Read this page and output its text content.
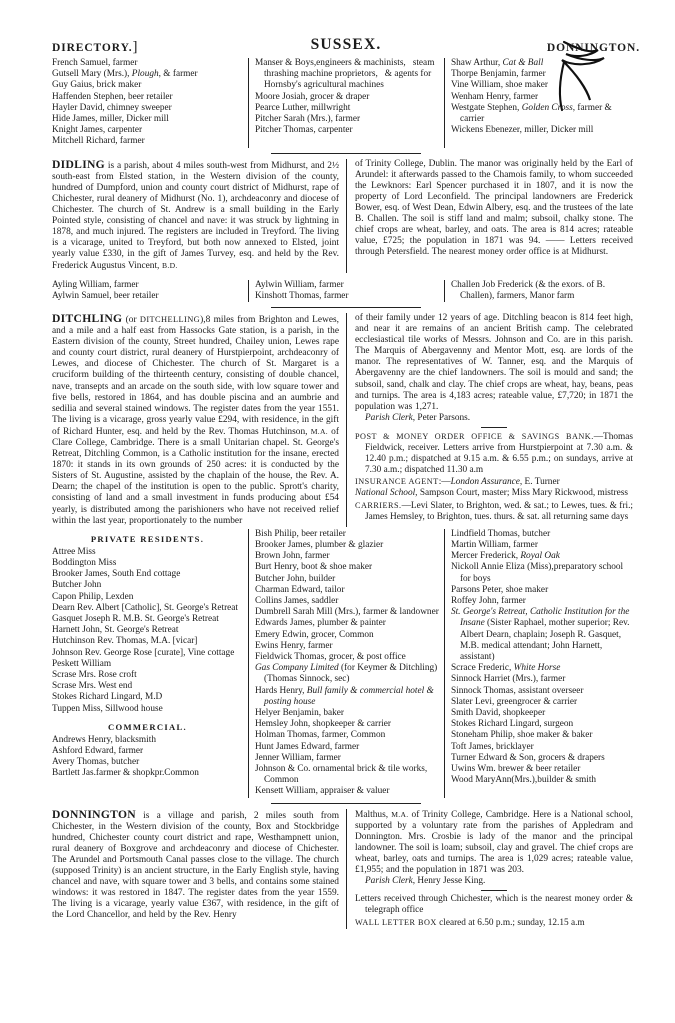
DIRECTORY.]	SUSSEX.	DONNINGTON.

French Samuel, farmer

Gutsell Mary (Mrs.), Plough, & farmer

Guy Gaius, brick maker

Haffenden Stephen, beer retailer

Hayler David, chimney sweeper

Hide James, miller, Dicker mill

Knight James, carpenter

Mitchell Richard, farmer

Manser & Boys,engineers & machinists,   steam thrashing machine proprietors,   & agents for Hornsby's agricultural machines

Moore Josiah, grocer & draper

Pearce Luther, millwright

Pitcher Sarah (Mrs.), farmer

Pitcher Thomas, carpenter

Shaw Arthur, Cat & Ball

Thorpe Benjamin, farmer

Vine William, shoe maker

Wenham Henry, farmer

Westgate Stephen, Golden Cross, farmer & carrier

Wickens Ebenezer, miller, Dicker mill

DIDLING is a parish, about 4 miles south-west from Midhurst, and 2½ south-east from Elsted station, in the Western division of the county, hundred of Dumpford, union and county court district of Midhurst, rape of Chichester, rural deanery of Midhurst (No. 1), archdeaconry and diocese of Chichester. The church of St. Andrew is a small building in the Early Pointed style, consisting of chancel and nave: it was struck by lightning in 1878, and much injured. The registers are included in Treyford. The living is a vicarage, united to Treyford, but both now annexed to Elsted, joint yearly value £330, in the gift of James Turvey, esq. and held by the Rev. Frederick Augustus Vincent, B.D.

of Trinity College, Dublin. The manor was originally held by the Earl of Arundel: it afterwards passed to the Chamois family, to whom succeeded the Lewknors: Earl Spencer purchased it in 1807, and it is now the property of Lord Leconfield. The principal landowners are Frederick Bower, esq. of West Dean, Edwin Albery, esq. and the trustees of the late B. Challen. The soil is stiff land and malm; subsoil, chalky stone. The chief crops are wheat, barley, and oats. The area is 814 acres; rateable value, £725; the population in 1871 was 94. —— Letters received through Petersfield. The nearest money order office is at Midhurst.

Ayling William, farmer

Aylwin Samuel, beer retailer

Aylwin William, farmer

Kinshott Thomas, farmer

Challen Job Frederick (& the exors. of B. Challen), farmers, Manor farm

DITCHLING (or DITCHELLING),8 miles from Brighton and Lewes, and a mile and a half east from Hassocks Gate station, is a parish, in the Eastern division of the county, Street hundred, Chailey union, Lewes rape and county court district, rural deanery of Hurstpierpoint, archdeaconry of Lewes, and diocese of Chichester. The church of St. Margaret is a cruciform building of the thirteenth century, consisting of double chancel, nave, transepts and an arcade on the south side, with low square tower and five bells, restored in 1864, and has double piscina and an aumbrie and sedilia and several stained windows. The register dates from the year 1551. The living is a vicarage, gross yearly value £294, with residence, in the gift of Richard Hunter, esq. and held by the Rev. Thomas Hutchinson, M.A. of Clare College, Cambridge. There is a small Unitarian chapel. St. George's Retreat, Ditchling Common, is a Catholic institution for the insane, erected 1870: it stands in its own grounds of 250 acres: it is conducted by the Sisters of St. Augustine, assisted by the chaplain of the house, the Rev. A. Dearn; the chapel of the institution is open to the public. Sprott's charity, consisting of land and a small investment in funds producing about £54 yearly, is distributed among the parishioners who have not received relief within the last year, proportionately to the number

of their family under 12 years of age. Ditchling beacon is 814 feet high, and near it are remains of an ancient British camp. The celebrated ecclesiastical tile works of Messrs. Johnson and Co. are in this parish. The Marquis of Abergavenny and Mentor Mott, esq. are lords of the manor. The representatives of W. Tanner, esq. and the Marquis of Abergavenny are the chief landowners. The soil is mould and sand; the subsoil, sand, chalk and clay. The chief crops are wheat, hay, beans, peas and turnips. The area is 4,183 acres; rateable value, £7,720; in 1871 the population was 1,271.

Parish Clerk, Peter Parsons.

POST & MONEY ORDER OFFICE & SAVINGS BANK.—Thomas Fieldwick, receiver. Letters arrive from Hurstpierpoint at 7.30 a.m. & 12.40 p.m.; dispatched at 9.15 a.m. & 6.55 p.m.; on sundays, arrive at 7.30 a.m.; dispatched 11.30 a.m

INSURANCE AGENT:—London Assurance, E. Turner

National School, Sampson Court, master; Miss Mary Rickwood, mistress

CARRIERS.—Levi Slater, to Brighton, wed. & sat.; to Lewes, tues. & fri.; James Hemsley, to Brighton, tues. thurs. & sat. all returning same days

PRIVATE RESIDENTS.

Attree Miss

Boddington Miss

Brooker James, South End cottage

Butcher John

Capon Philip, Lexden

Dearn Rev. Albert [Catholic], St. George's Retreat

Gasquet Joseph R. M.B. St. George's Retreat

Harnett John, St. George's Retreat

Hutchinson Rev. Thomas, M.A. [vicar]

Johnson Rev. George Rose [curate], Vine cottage

Peskett William

Scrase Mrs. Rose croft

Scrase Mrs. West end

Stokes Richard Lingard, M.D

Tuppen Miss, Sillwood house

COMMERCIAL.

Andrews Henry, blacksmith

Ashford Edward, farmer

Avery Thomas, butcher

Bartlett Jas.farmer & shopkpr.Common

Bish Philip, beer retailer

Brooker James, plumber & glazier

Brown John, farmer

Burt Henry, boot & shoe maker

Butcher John, builder

Charman Edward, tailor

Collins James, saddler

Dumbrell Sarah Mill (Mrs.), farmer & landowner

Edwards James, plumber & painter

Emery Edwin, grocer, Common

Ewins Henry, farmer

Fieldwick Thomas, grocer, & post office

Gas Company Limited (for Keymer & Ditchling) (Thomas Sinnock, sec)

Hards Henry, Bull family & commercial hotel & posting house

Helyer Benjamin, baker

Hemsley John, shopkeeper & carrier

Holman Thomas, farmer, Common

Hunt James Edward, farmer

Jenner William, farmer

Johnson & Co. ornamental brick & tile works, Common

Kensett William, appraiser & valuer

Lindfield Thomas, butcher

Martin William, farmer

Mercer Frederick, Royal Oak

Nickoll Annie Eliza (Miss),preparatory school for boys

Parsons Peter, shoe maker

Roffey John, farmer

St. George's Retreat, Catholic Institution for the Insane (Sister Raphael, mother superior; Rev. Albert Dearn, chaplain; Joseph R. Gasquet, M.B. medical attendant; John Harnett, assistant)

Scrace Frederic, White Horse

Sinnock Harriet (Mrs.), farmer

Sinnock Thomas, assistant overseer

Slater Levi, greengrocer & carrier

Smith David, shopkeeper

Stokes Richard Lingard, surgeon

Stoneham Philip, shoe maker & baker

Toft James, bricklayer

Turner Edward & Son, grocers & drapers

Uwins Wm. brewer & beer retailer

Wood MaryAnn(Mrs.),builder & smith

DONNINGTON is a village and parish, 2 miles south from Chichester, in the Western division of the county, Box and Stockbridge hundred, Chichester county court district and rape, Westhampnett union, rural deanery of Boxgrove and archdeaconry and diocese of Chichester. The Arundel and Portsmouth Canal passes close to the village. The church (supposed Trinity) is an ancient structure, in the Early English style, having chancel and nave, with square tower and 3 bells, and contains some stained windows: it was restored in 1847. The register dates from the year 1559. The living is a vicarage, yearly value £367, with residence, in the gift of the Lord Chancellor, and held by the Rev. Henry

Malthus, M.A. of Trinity College, Cambridge. Here is a National school, supported by a voluntary rate from the parishes of Appledram and Donnington. Mrs. Crosbie is lady of the manor and the principal landowner. The soil is loam; subsoil, clay and gravel. The chief crops are wheat, barley, oats and turnips. The area is 1,029 acres; rateable value, £1,955; and the population in 1871 was 203.

Parish Clerk, Henry Jesse King.

Letters received through Chichester, which is the nearest money order & telegraph office

WALL LETTER BOX cleared at 6.50 p.m.; sunday, 12.15 a.m
